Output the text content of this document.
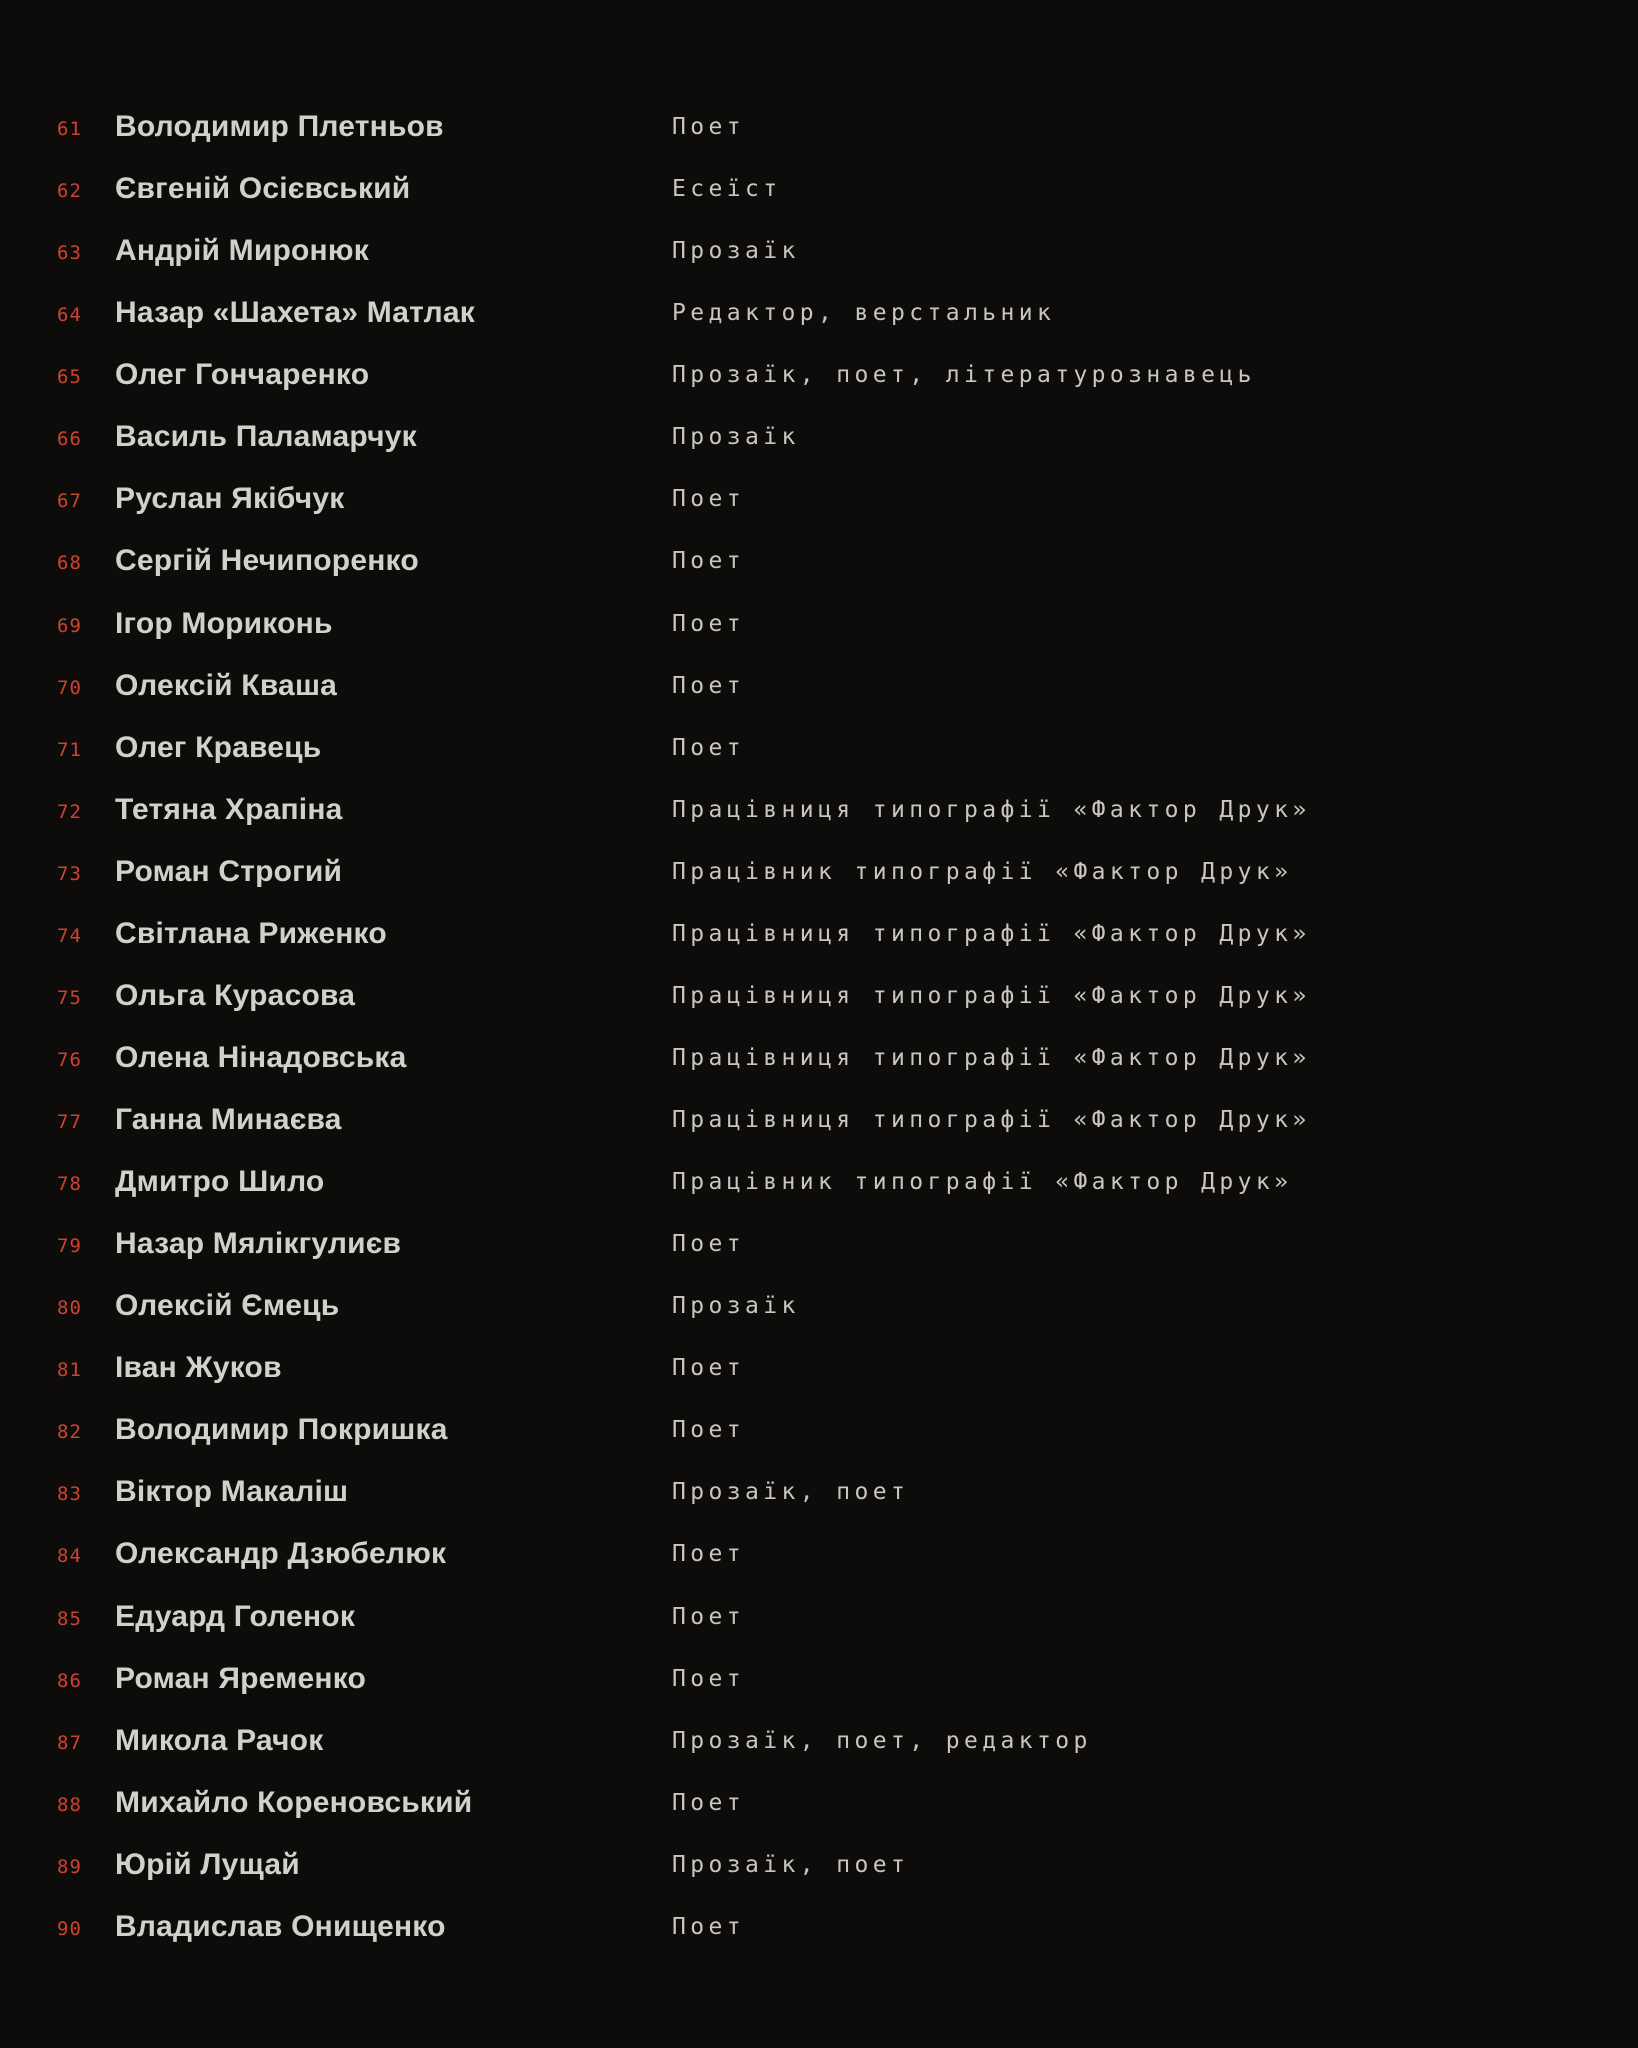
61	Володимир Плетньов	Поет
62	Євгеній Осієвський	Есеїст
63	Андрій Миронюк	Прозаїк
64	Назар «Шахета» Матлак	Редактор, верстальник
65	Олег Гончаренко	Прозаїк, поет, літературознавець
66	Василь Паламарчук	Прозаїк
67	Руслан Якібчук	Поет
68	Сергій Нечипоренко	Поет
69	Ігор Мориконь	Поет
70	Олексій Кваша	Поет
71	Олег Кравець	Поет
72	Тетяна Храпіна	Працівниця типографії «Фактор Друк»
73	Роман Строгий	Працівник типографії «Фактор Друк»
74	Світлана Риженко	Працівниця типографії «Фактор Друк»
75	Ольга Курасова	Працівниця типографії «Фактор Друк»
76	Олена Нінадовська	Працівниця типографії «Фактор Друк»
77	Ганна Минаєва	Працівниця типографії «Фактор Друк»
78	Дмитро Шило	Працівник типографії «Фактор Друк»
79	Назар Мялікгулиєв	Поет
80	Олексій Ємець	Прозаїк
81	Іван Жуков	Поет
82	Володимир Покришка	Поет
83	Віктор Макаліш	Прозаїк, поет
84	Олександр Дзюбелюк	Поет
85	Едуард Голенок	Поет
86	Роман Яременко	Поет
87	Микола Рачок	Прозаїк, поет, редактор
88	Михайло Кореновський	Поет
89	Юрій Лущай	Прозаїк, поет
90	Владислав Онищенко	Поет
